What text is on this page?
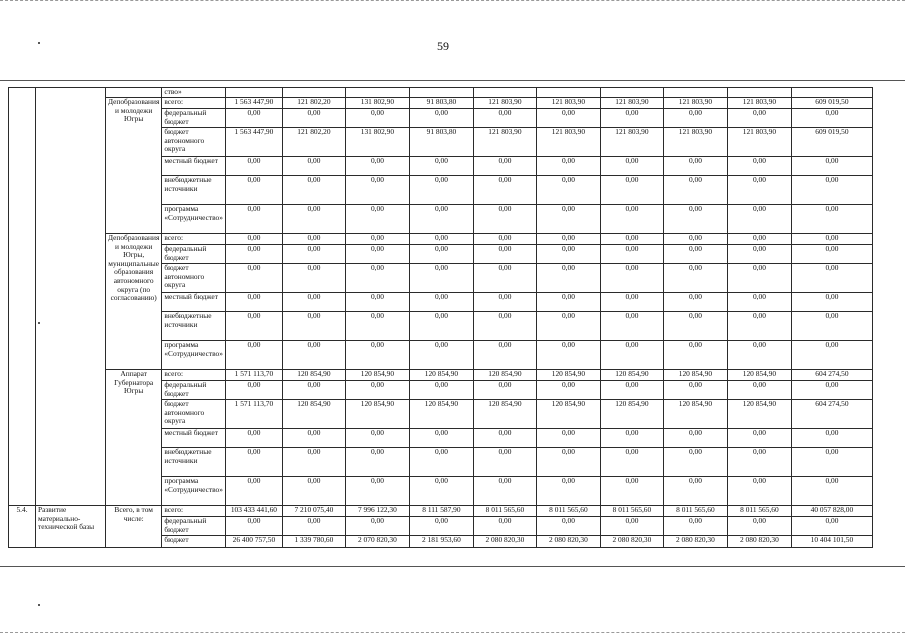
59
			ство»										
		Депобразования и молодежи Югры	всего:	1 563 447,90	121 802,20	131 802,90	91 803,80	121 803,90	121 803,90	121 803,90	121 803,90	121 803,90	609 019,50
			федеральный бюджет	0,00	0,00	0,00	0,00	0,00	0,00	0,00	0,00	0,00	0,00
			бюджет автономного округа	1 563 447,90	121 802,20	131 802,90	91 803,80	121 803,90	121 803,90	121 803,90	121 803,90	121 803,90	609 019,50
			местный бюджет	0,00	0,00	0,00	0,00	0,00	0,00	0,00	0,00	0,00	0,00
			внебюджетные источники	0,00	0,00	0,00	0,00	0,00	0,00	0,00	0,00	0,00	0,00
			программа «Сотрудничество»	0,00	0,00	0,00	0,00	0,00	0,00	0,00	0,00	0,00	0,00
		Депобразования и молодежи Югры, муниципальные образования автономного округа (по согласованию)	всего:	0,00	0,00	0,00	0,00	0,00	0,00	0,00	0,00	0,00	0,00
			федеральный бюджет	0,00	0,00	0,00	0,00	0,00	0,00	0,00	0,00	0,00	0,00
			бюджет автономного округа	0,00	0,00	0,00	0,00	0,00	0,00	0,00	0,00	0,00	0,00
			местный бюджет	0,00	0,00	0,00	0,00	0,00	0,00	0,00	0,00	0,00	0,00
			внебюджетные источники	0,00	0,00	0,00	0,00	0,00	0,00	0,00	0,00	0,00	0,00
			программа «Сотрудничество»	0,00	0,00	0,00	0,00	0,00	0,00	0,00	0,00	0,00	0,00
		Аппарат Губернатора Югры	всего:	1 571 113,70	120 854,90	120 854,90	120 854,90	120 854,90	120 854,90	120 854,90	120 854,90	120 854,90	604 274,50
			федеральный бюджет	0,00	0,00	0,00	0,00	0,00	0,00	0,00	0,00	0,00	0,00
			бюджет автономного округа	1 571 113,70	120 854,90	120 854,90	120 854,90	120 854,90	120 854,90	120 854,90	120 854,90	120 854,90	604 274,50
			местный бюджет	0,00	0,00	0,00	0,00	0,00	0,00	0,00	0,00	0,00	0,00
			внебюджетные источники	0,00	0,00	0,00	0,00	0,00	0,00	0,00	0,00	0,00	0,00
			программа «Сотрудничество»	0,00	0,00	0,00	0,00	0,00	0,00	0,00	0,00	0,00	0,00
5.4.	Развитие материально-технической базы	Всего, в том числе:	всего:	103 433 441,60	7 210 075,40	7 996 122,30	8 111 587,90	8 011 565,60	8 011 565,60	8 011 565,60	8 011 565,60	8 011 565,60	40 057 828,00
			федеральный бюджет	0,00	0,00	0,00	0,00	0,00	0,00	0,00	0,00	0,00	0,00
			бюджет	26 400 757,50	1 339 780,60	2 070 820,30	2 181 953,60	2 080 820,30	2 080 820,30	2 080 820,30	2 080 820,30	2 080 820,30	10 404 101,50
